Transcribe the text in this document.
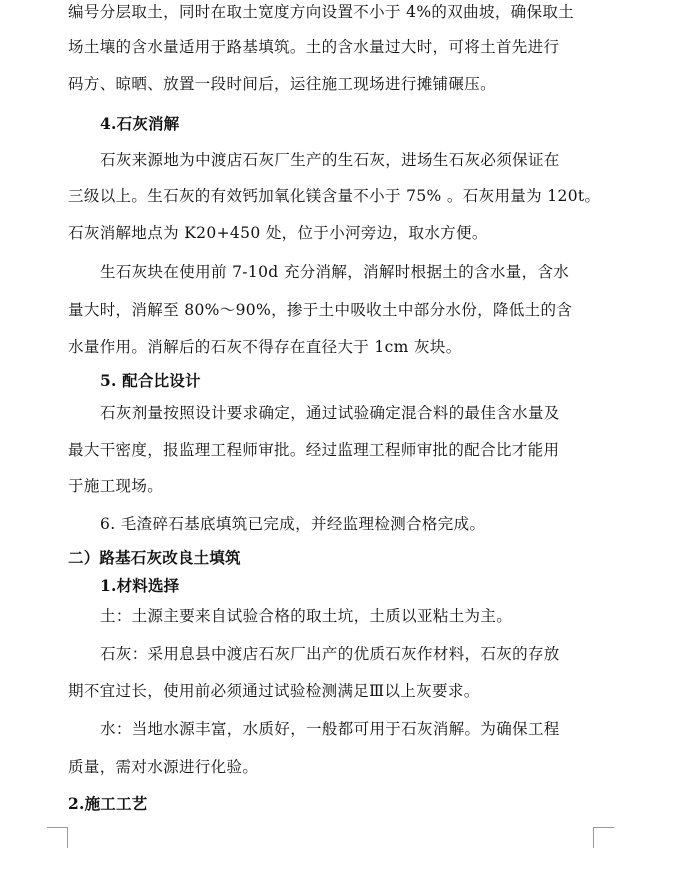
编号分层取土，同时在取土宽度方向设置不小于 4%的双曲坡，确保取土
场土壤的含水量适用于路基填筑。土的含水量过大时，可将土首先进行
码方、晾晒、放置一段时间后，运往施工现场进行摊铺碾压。
4.石灰消解
石灰来源地为中渡店石灰厂生产的生石灰，进场生石灰必须保证在
三级以上。生石灰的有效钙加氧化镁含量不小于 75% 。石灰用量为 120t。
石灰消解地点为 K20+450 处，位于小河旁边，取水方便。
生石灰块在使用前 7-10d 充分消解，消解时根据土的含水量，含水
量大时，消解至 80%～90%，掺于土中吸收土中部分水份，降低土的含
水量作用。消解后的石灰不得存在直径大于 1cm 灰块。
5. 配合比设计
石灰剂量按照设计要求确定，通过试验确定混合料的最佳含水量及
最大干密度，报监理工程师审批。经过监理工程师审批的配合比才能用
于施工现场。
6. 毛渣碎石基底填筑已完成，并经监理检测合格完成。
二）路基石灰改良土填筑
1.材料选择
土：土源主要来自试验合格的取土坑，土质以亚粘土为主。
石灰：采用息县中渡店石灰厂出产的优质石灰作材料，石灰的存放
期不宜过长，使用前必须通过试验检测满足Ⅲ以上灰要求。
水：当地水源丰富，水质好，一般都可用于石灰消解。为确保工程
质量，需对水源进行化验。
2.施工工艺
